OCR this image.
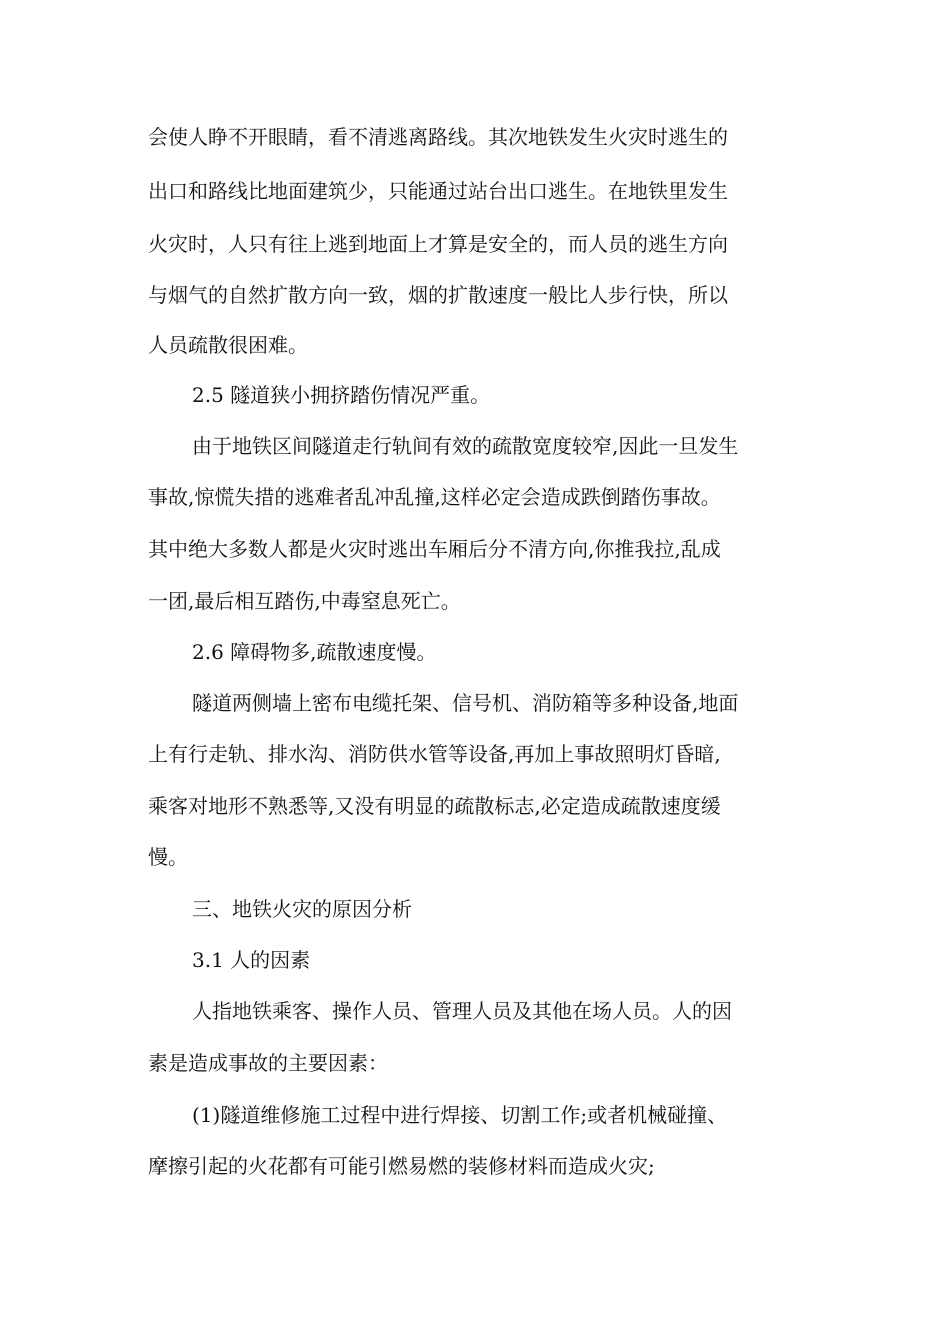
会使人睁不开眼睛，看不清逃离路线。其次地铁发生火灾时逃生的
出口和路线比地面建筑少，只能通过站台出口逃生。在地铁里发生
火灾时，人只有往上逃到地面上才算是安全的，而人员的逃生方向
与烟气的自然扩散方向一致，烟的扩散速度一般比人步行快，所以
人员疏散很困难。
2.5 隧道狭小拥挤踏伤情况严重。
由于地铁区间隧道走行轨间有效的疏散宽度较窄,因此一旦发生
事故,惊慌失措的逃难者乱冲乱撞,这样必定会造成跌倒踏伤事故。
其中绝大多数人都是火灾时逃出车厢后分不清方向,你推我拉,乱成
一团,最后相互踏伤,中毒窒息死亡。
2.6 障碍物多,疏散速度慢。
隧道两侧墙上密布电缆托架、信号机、消防箱等多种设备,地面
上有行走轨、排水沟、消防供水管等设备,再加上事故照明灯昏暗,
乘客对地形不熟悉等,又没有明显的疏散标志,必定造成疏散速度缓
慢。
三、地铁火灾的原因分析
3.1 人的因素
人指地铁乘客、操作人员、管理人员及其他在场人员。人的因
素是造成事故的主要因素：
(1)隧道维修施工过程中进行焊接、切割工作;或者机械碰撞、
摩擦引起的火花都有可能引燃易燃的装修材料而造成火灾;
